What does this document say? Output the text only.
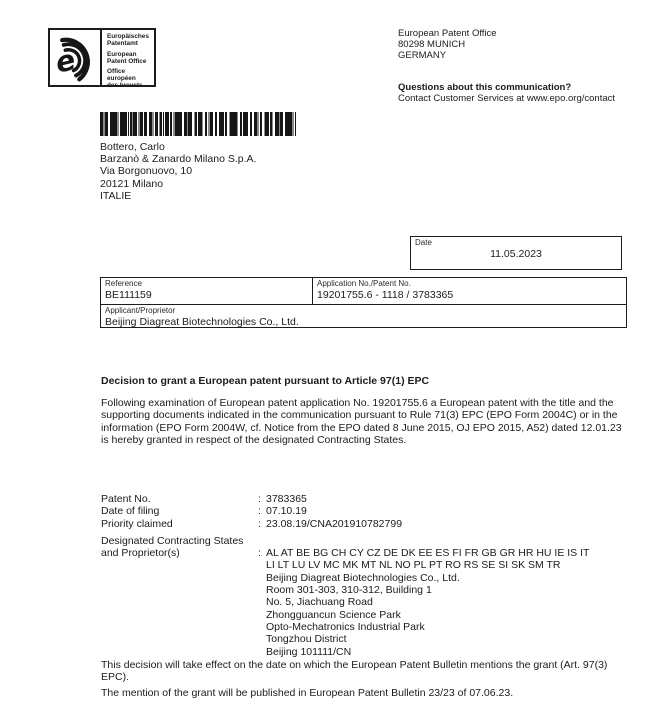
e
Europäisches
Patentamt
European
Patent Office
Office européen
des brevets
European Patent Office
80298 MUNICH
GERMANY
Questions about this communication?
Contact Customer Services at www.epo.org/contact
Bottero, Carlo
Barzanò & Zanardo Milano S.p.A.
Via Borgonuovo, 10
20121 Milano
ITALIE
Date
11.05.2023
Reference
BE111159
Application No./Patent No.
19201755.6 - 1118 / 3783365
Applicant/Proprietor
Beijing Diagreat Biotechnologies Co., Ltd.
Decision to grant a European patent pursuant to Article 97(1) EPC
Following examination of European patent application No. 19201755.6 a European patent with the title and the supporting documents indicated in the communication pursuant to Rule 71(3) EPC (EPO Form 2004C) or in the information (EPO Form 2004W, cf. Notice from the EPO dated 8 June 2015, OJ EPO 2015, A52) dated 12.01.23 is hereby granted in respect of the designated Contracting States.
Patent No.	: 3783365
Date of filing	: 07.10.19
Priority claimed	: 23.08.19/CNA201910782799
Designated Contracting States
and Proprietor(s)	: AL AT BE BG CH CY CZ DE DK EE ES FI FR GB GR HR HU IE IS IT
LI LT LU LV MC MK MT NL NO PL PT RO RS SE SI SK SM TR
Beijing Diagreat Biotechnologies Co., Ltd.
Room 301-303, 310-312, Building 1
No. 5, Jiachuang Road
Zhongguancun Science Park
Opto-Mechatronics Industrial Park
Tongzhou District
Beijing 101111/CN
This decision will take effect on the date on which the European Patent Bulletin mentions the grant (Art. 97(3) EPC).
The mention of the grant will be published in European Patent Bulletin 23/23 of 07.06.23.
